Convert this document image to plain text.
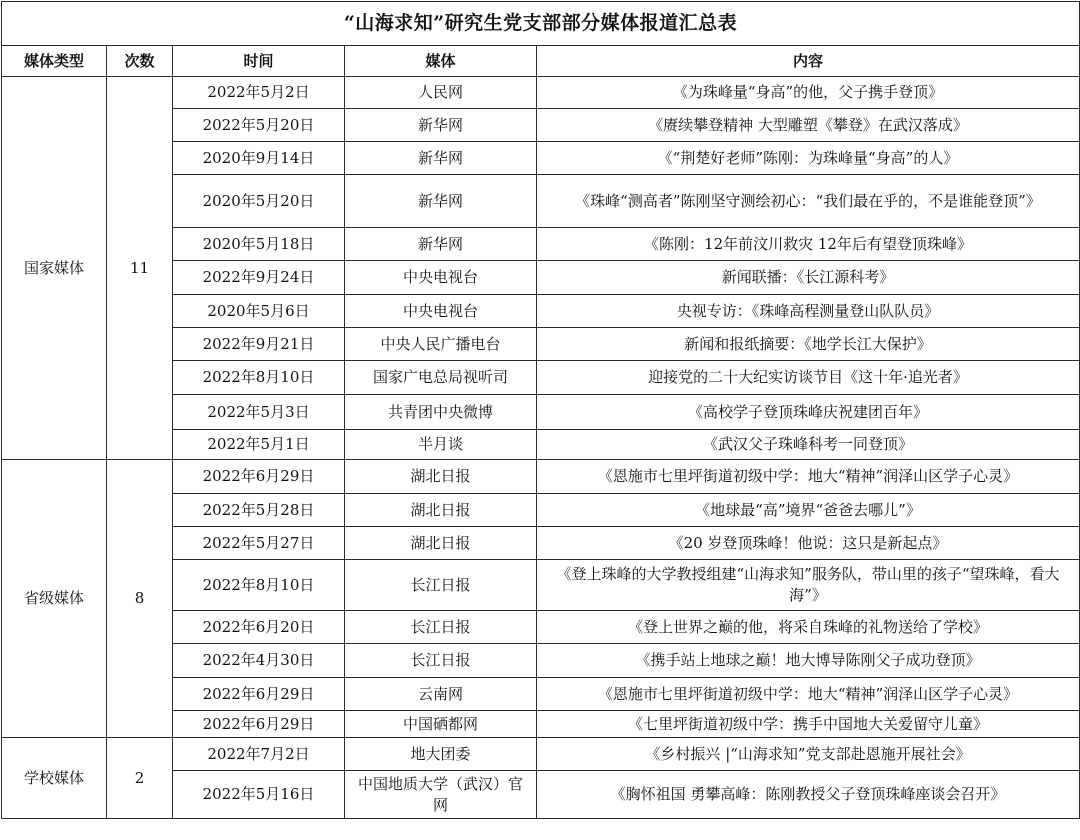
“山海求知”研究生党支部部分媒体报道汇总表				
媒体类型	次数	时间	媒体	内容
国家媒体	11	2022年5月2日	人民网	《为珠峰量“身高”的他，父子携手登顶》
		2022年5月20日	新华网	《赓续攀登精神 大型雕塑《攀登》在武汉落成》
		2020年9月14日	新华网	《“荆楚好老师”陈刚：为珠峰量“身高”的人》
		2020年5月20日	新华网	《珠峰“测高者”陈刚坚守测绘初心：“我们最在乎的，不是谁能登顶”》
		2020年5月18日	新华网	《陈刚：12年前汶川救灾 12年后有望登顶珠峰》
		2022年9月24日	中央电视台	新闻联播：《长江源科考》
		2020年5月6日	中央电视台	央视专访：《珠峰高程测量登山队队员》
		2022年9月21日	中央人民广播电台	新闻和报纸摘要：《地学长江大保护》
		2022年8月10日	国家广电总局视听司	迎接党的二十大纪实访谈节目《这十年·追光者》
		2022年5月3日	共青团中央微博	《高校学子登顶珠峰庆祝建团百年》
		2022年5月1日	半月谈	《武汉父子珠峰科考一同登顶》
省级媒体	8	2022年6月29日	湖北日报	《恩施市七里坪街道初级中学：地大“精神”润泽山区学子心灵》
		2022年5月28日	湖北日报	《地球最“高”境界“爸爸去哪儿”》
		2022年5月27日	湖北日报	《20 岁登顶珠峰！他说：这只是新起点》
		2022年8月10日	长江日报	《登上珠峰的大学教授组建“山海求知”服务队，带山里的孩子“望珠峰，看大海”》
		2022年6月20日	长江日报	《登上世界之巅的他，将采自珠峰的礼物送给了学校》
		2022年4月30日	长江日报	《携手站上地球之巅！地大博导陈刚父子成功登顶》
		2022年6月29日	云南网	《恩施市七里坪街道初级中学：地大“精神”润泽山区学子心灵》
		2022年6月29日	中国硒都网	《七里坪街道初级中学：携手中国地大关爱留守儿童》
学校媒体	2	2022年7月2日	地大团委	《乡村振兴 |“山海求知”党支部赴恩施开展社会》
		2022年5月16日	中国地质大学（武汉）官网	《胸怀祖国 勇攀高峰：陈刚教授父子登顶珠峰座谈会召开》
